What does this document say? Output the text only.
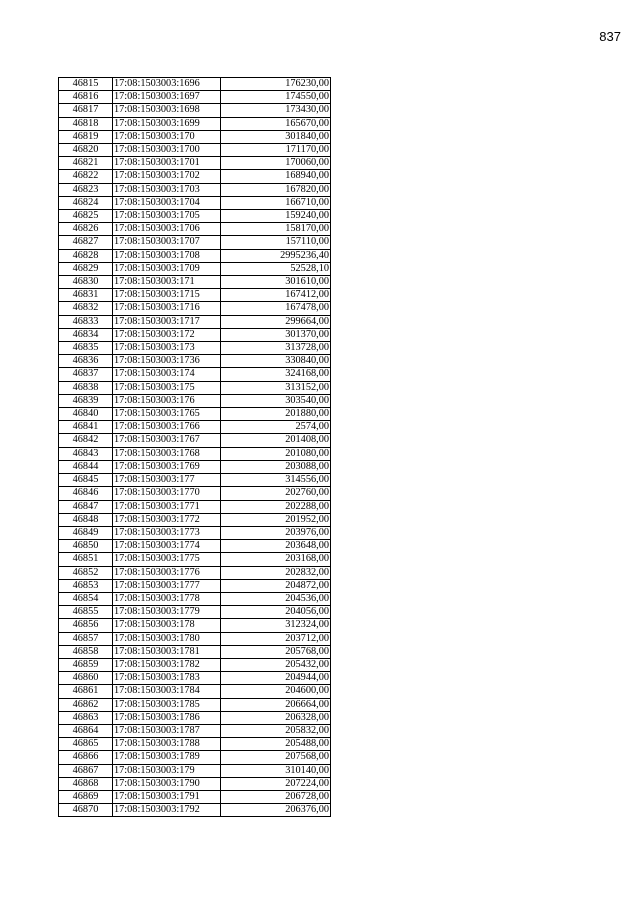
837
46815	17:08:1503003:1696	176230,00
46816	17:08:1503003:1697	174550,00
46817	17:08:1503003:1698	173430,00
46818	17:08:1503003:1699	165670,00
46819	17:08:1503003:170	301840,00
46820	17:08:1503003:1700	171170,00
46821	17:08:1503003:1701	170060,00
46822	17:08:1503003:1702	168940,00
46823	17:08:1503003:1703	167820,00
46824	17:08:1503003:1704	166710,00
46825	17:08:1503003:1705	159240,00
46826	17:08:1503003:1706	158170,00
46827	17:08:1503003:1707	157110,00
46828	17:08:1503003:1708	2995236,40
46829	17:08:1503003:1709	52528,10
46830	17:08:1503003:171	301610,00
46831	17:08:1503003:1715	167412,00
46832	17:08:1503003:1716	167478,00
46833	17:08:1503003:1717	299664,00
46834	17:08:1503003:172	301370,00
46835	17:08:1503003:173	313728,00
46836	17:08:1503003:1736	330840,00
46837	17:08:1503003:174	324168,00
46838	17:08:1503003:175	313152,00
46839	17:08:1503003:176	303540,00
46840	17:08:1503003:1765	201880,00
46841	17:08:1503003:1766	2574,00
46842	17:08:1503003:1767	201408,00
46843	17:08:1503003:1768	201080,00
46844	17:08:1503003:1769	203088,00
46845	17:08:1503003:177	314556,00
46846	17:08:1503003:1770	202760,00
46847	17:08:1503003:1771	202288,00
46848	17:08:1503003:1772	201952,00
46849	17:08:1503003:1773	203976,00
46850	17:08:1503003:1774	203648,00
46851	17:08:1503003:1775	203168,00
46852	17:08:1503003:1776	202832,00
46853	17:08:1503003:1777	204872,00
46854	17:08:1503003:1778	204536,00
46855	17:08:1503003:1779	204056,00
46856	17:08:1503003:178	312324,00
46857	17:08:1503003:1780	203712,00
46858	17:08:1503003:1781	205768,00
46859	17:08:1503003:1782	205432,00
46860	17:08:1503003:1783	204944,00
46861	17:08:1503003:1784	204600,00
46862	17:08:1503003:1785	206664,00
46863	17:08:1503003:1786	206328,00
46864	17:08:1503003:1787	205832,00
46865	17:08:1503003:1788	205488,00
46866	17:08:1503003:1789	207568,00
46867	17:08:1503003:179	310140,00
46868	17:08:1503003:1790	207224,00
46869	17:08:1503003:1791	206728,00
46870	17:08:1503003:1792	206376,00
